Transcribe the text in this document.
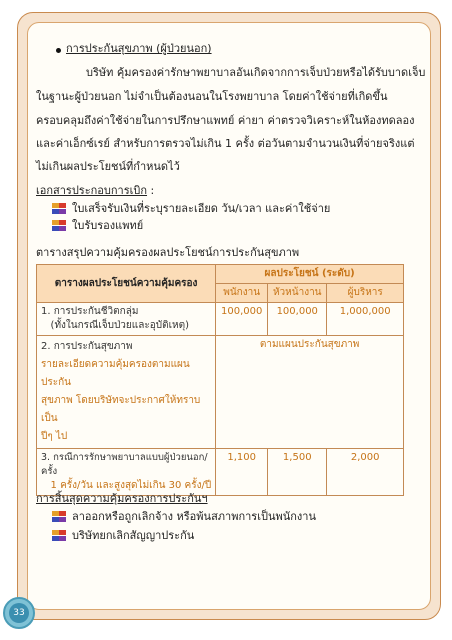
การประกันสุขภาพ (ผู้ป่วยนอก)
บริษัท คุ้มครองค่ารักษาพยาบาลอันเกิดจากการเจ็บป่วยหรือได้รับบาดเจ็บ
ในฐานะผู้ป่วยนอก ไม่จำเป็นต้องนอนในโรงพยาบาล โดยค่าใช้จ่ายที่เกิดขึ้น
ครอบคลุมถึงค่าใช้จ่ายในการปรึกษาแพทย์ ค่ายา ค่าตรวจวิเคราะห์ในห้องทดลอง
และค่าเอ็กซ์เรย์ สำหรับการตรวจไม่เกิน 1 ครั้ง ต่อวันตามจำนวนเงินที่จ่ายจริงแต่
ไม่เกินผลประโยชน์ที่กำหนดไว้
เอกสารประกอบการเบิก :
ใบเสร็จรับเงินที่ระบุรายละเอียด วัน/เวลา และค่าใช้จ่าย
ใบรับรองแพทย์
ตารางสรุปความคุ้มครองผลประโยชน์การประกันสุขภาพ
ตารางผลประโยชน์ความคุ้มครอง	ผลประโยชน์ (ระดับ)		
	พนักงาน	หัวหน้างาน	ผู้บริหาร

1. การประกันชีวิตกลุ่ม
(ทั้งในกรณีเจ็บป่วยและอุบัติเหตุ)	100,000	100,000	1,000,000

2. การประกันสุขภาพ
รายละเอียดความคุ้มครองตามแผนประกัน
สุขภาพ โดยบริษัทจะประกาศให้ทราบเป็น
ปีๆ ไป	ตามแผนประกันสุขภาพ		

3. กรณีการรักษาพยาบาลแบบผู้ป่วยนอก/ครั้ง
1 ครั้ง/วัน และสูงสุดไม่เกิน 30 ครั้ง/ปี	1,100	1,500	2,000
การสิ้นสุดความคุ้มครองการประกันฯ
ลาออกหรือถูกเลิกจ้าง หรือพ้นสภาพการเป็นพนักงาน
บริษัทยกเลิกสัญญาประกัน
33
